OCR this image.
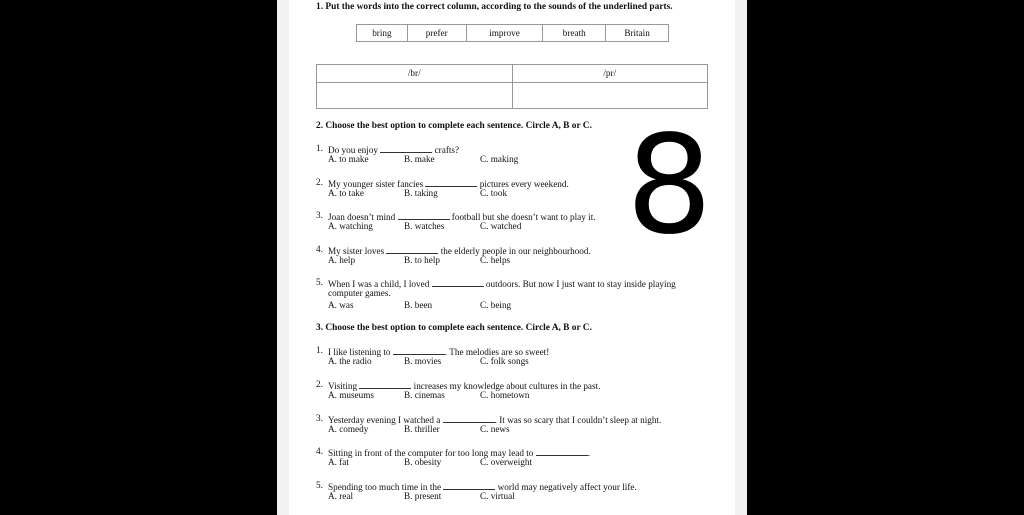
1. Put the words into the correct column, according to the sounds of the underlined parts.
bring	prefer	improve	breath	Britain
/br/	/pr/

2. Choose the best option to complete each sentence. Circle A, B or C.
1. Do you enjoy	crafts?
A. to make	B. make	C. making
2. My younger sister fancies	pictures every weekend.
A. to take	B. taking	C. took
3. Joan doesn’t mind	football but she doesn’t want to play it.
A. watching	B. watches	C. watched
4. My sister loves	the elderly people in our neighbourhood.
A. help	B. to help	C. helps
5. When I was a child, I loved	outdoors. But now I just want to stay inside playing
computer games.
A. was	B. been	C. being
3. Choose the best option to complete each sentence. Circle A, B or C.
1. I like listening to	. The melodies are so sweet!
A. the radio	B. movies	C. folk songs
2. Visiting	increases my knowledge about cultures in the past.
A. museums	B. cinemas	C. hometown
3. Yesterday evening I watched a	. It was so scary that I couldn’t sleep at night.
A. comedy	B. thriller	C. news
4. Sitting in front of the computer for too long may lead to	.
A. fat	B. obesity	C. overweight
5. Spending too much time in the	world may negatively affect your life.
A. real	B. present	C. virtual
8
